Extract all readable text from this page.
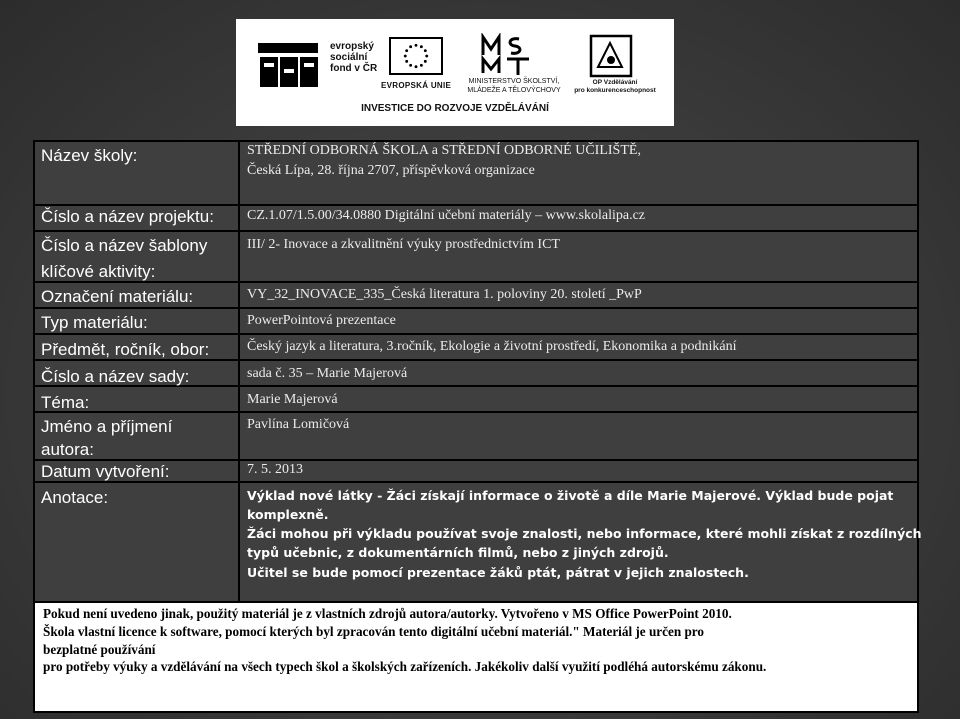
evropský
sociální
fond v ČR
EVROPSKÁ UNIE	MINISTERSTVO ŠKOLSTVÍ,
MLÁDEŽE A TĚLOVÝCHOVY
OP Vzdělávání
pro konkurenceschopnost
INVESTICE DO ROZVOJE VZDĚLÁVÁNÍ
Název školy:
Číslo a název projektu:
Číslo a název šablony
klíčové aktivity:
Označení materiálu:
Typ materiálu:
Předmět, ročník, obor:
Číslo a název sady:
Téma:
Jméno a příjmení
autora:
Datum vytvoření:
Anotace:
STŘEDNÍ ODBORNÁ ŠKOLA a STŘEDNÍ ODBORNÉ UČILIŠTĚ,
Česká Lípa, 28. října 2707, příspěvková organizace
CZ.1.07/1.5.00/34.0880 Digitální učební materiály – www.skolalipa.cz
III/ 2- Inovace a zkvalitnění výuky prostřednictvím ICT
VY_32_INOVACE_335_Česká literatura 1. poloviny 20. století _PwP
PowerPointová prezentace
Český jazyk a literatura, 3.ročník, Ekologie a životní prostředí, Ekonomika a podnikání
sada č. 35 – Marie Majerová
Marie Majerová
Pavlína Lomičová
7. 5. 2013
Výklad nové látky - Žáci získají informace o životě a díle Marie Majerové. Výklad bude pojat
komplexně.
Žáci mohou při výkladu používat svoje znalosti, nebo informace, které mohli získat z rozdílných
typů učebnic, z dokumentárních filmů, nebo z jiných zdrojů.
Učitel se bude pomocí prezentace žáků ptát, pátrat v jejich znalostech.
Pokud není uvedeno jinak, použitý materiál je z vlastních zdrojů autora/autorky. Vytvořeno v MS Office PowerPoint 2010.
Škola vlastní licence k software, pomocí kterých byl zpracován tento digitální učební materiál." Materiál je určen pro
bezplatné používání
pro potřeby výuky a vzdělávání na všech typech škol a školských zařízeních. Jakékoliv další využití podléhá autorskému zákonu.
